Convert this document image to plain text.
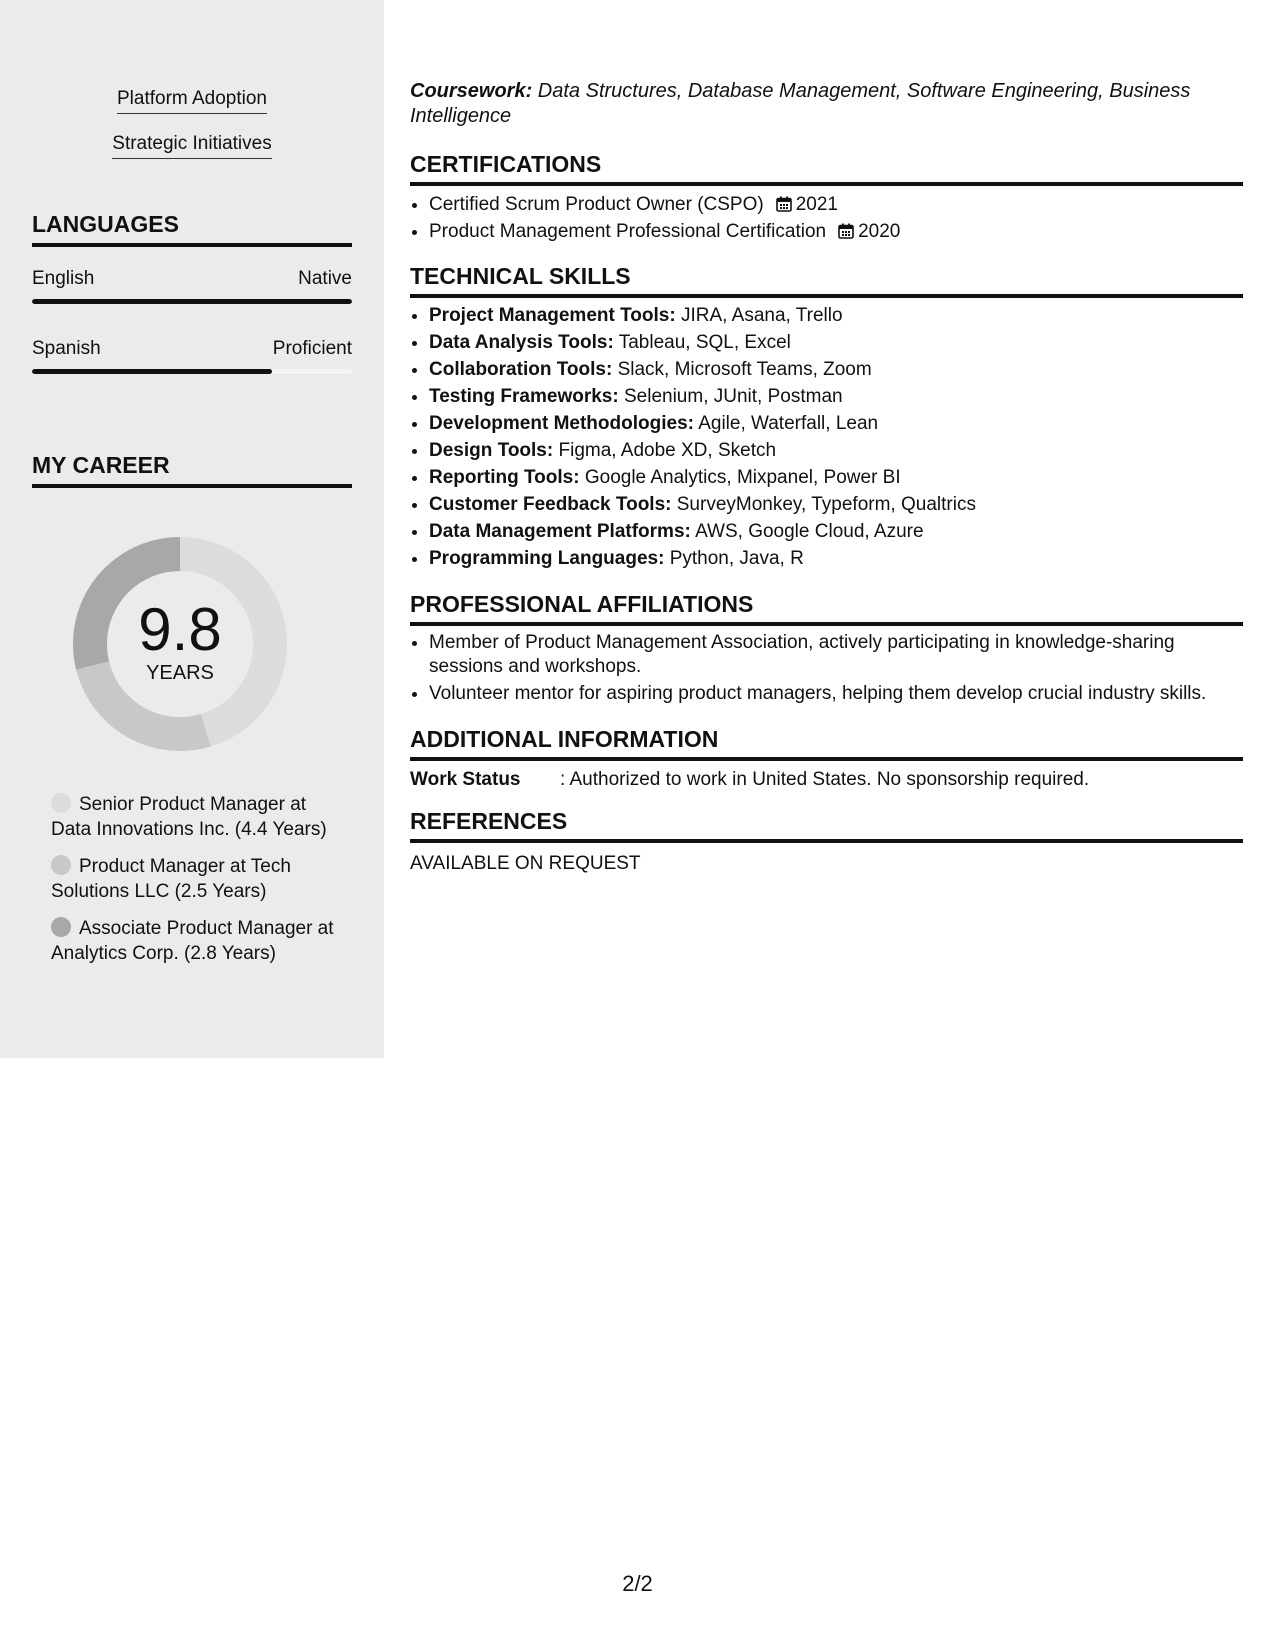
Platform Adoption
Strategic Initiatives
LANGUAGES
English	Native
Spanish	Proficient
MY CAREER
9.8
YEARS
Senior Product Manager at Data Innovations Inc. (4.4 Years)
Product Manager at Tech Solutions LLC (2.5 Years)
Associate Product Manager at Analytics Corp. (2.8 Years)
Coursework: Data Structures, Database Management, Software Engineering, Business Intelligence
CERTIFICATIONS
• Certified Scrum Product Owner (CSPO) 2021
• Product Management Professional Certification 2020
TECHNICAL SKILLS
• Project Management Tools: JIRA, Asana, Trello
• Data Analysis Tools: Tableau, SQL, Excel
• Collaboration Tools: Slack, Microsoft Teams, Zoom
• Testing Frameworks: Selenium, JUnit, Postman
• Development Methodologies: Agile, Waterfall, Lean
• Design Tools: Figma, Adobe XD, Sketch
• Reporting Tools: Google Analytics, Mixpanel, Power BI
• Customer Feedback Tools: SurveyMonkey, Typeform, Qualtrics
• Data Management Platforms: AWS, Google Cloud, Azure
• Programming Languages: Python, Java, R
PROFESSIONAL AFFILIATIONS
• Member of Product Management Association, actively participating in knowledge-sharing sessions and workshops.
• Volunteer mentor for aspiring product managers, helping them develop crucial industry skills.
ADDITIONAL INFORMATION
Work Status : Authorized to work in United States. No sponsorship required.
REFERENCES
AVAILABLE ON REQUEST
2/2
